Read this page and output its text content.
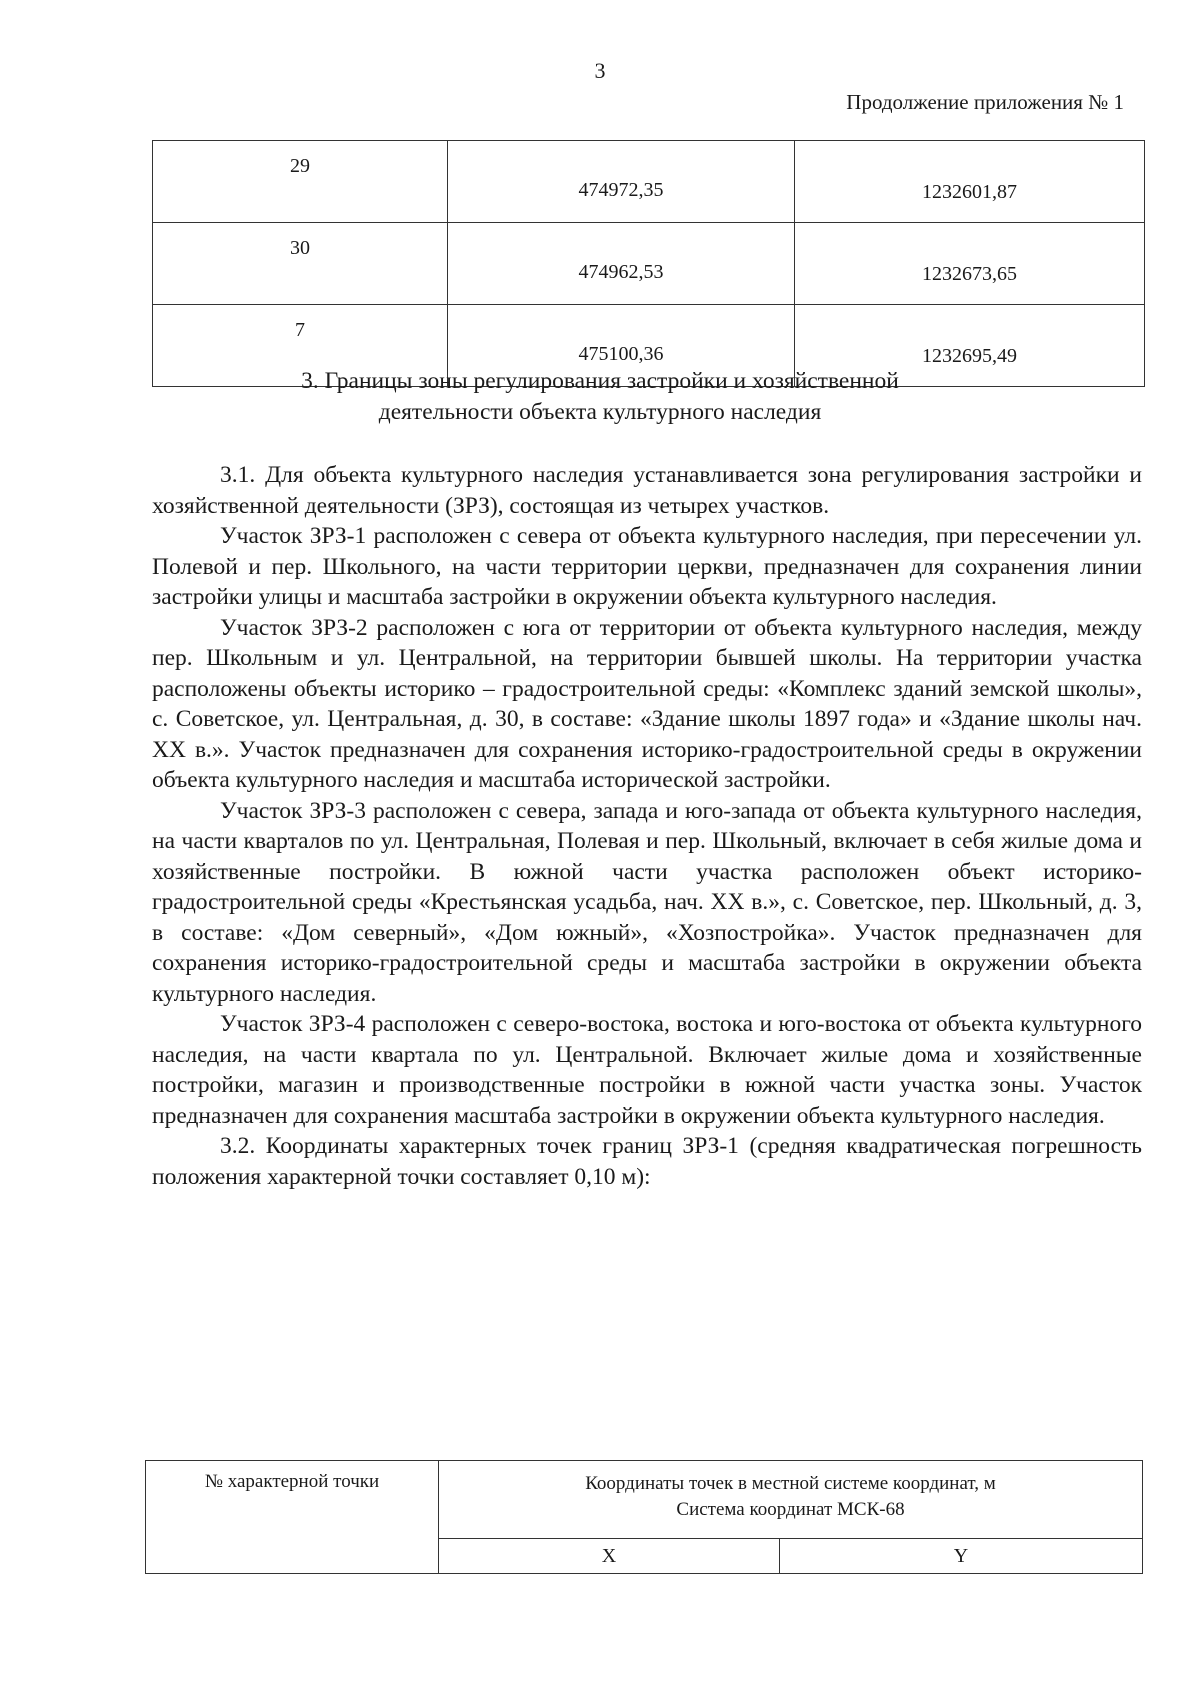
3
Продолжение приложения № 1
29	474972,35	1232601,87
30	474962,53	1232673,65
7	475100,36	1232695,49
3. Границы зоны регулирования застройки и хозяйственной
деятельности объекта культурного наследия

3.1. Для объекта культурного наследия устанавливается зона регулирования застройки и хозяйственной деятельности (ЗРЗ), состоящая из четырех участков.

Участок ЗРЗ-1 расположен с севера от объекта культурного наследия, при пересечении ул. Полевой и пер. Школьного, на части территории церкви, предназначен для сохранения линии застройки улицы и масштаба застройки в окружении объекта культурного наследия.

Участок ЗРЗ-2 расположен с юга от территории от объекта культурного наследия, между пер. Школьным и ул. Центральной, на территории бывшей школы. На территории участка расположены объекты историко – градостроительной среды: «Комплекс зданий земской школы», с. Советское, ул. Центральная, д. 30, в составе: «Здание школы 1897 года» и «Здание школы нач. XX в.». Участок предназначен для сохранения историко-градостроительной среды в окружении объекта культурного наследия и масштаба исторической застройки.

Участок ЗРЗ-3 расположен с севера, запада и юго-запада от объекта культурного наследия, на части кварталов по ул. Центральная, Полевая и пер. Школьный, включает в себя жилые дома и хозяйственные постройки. В южной части участка расположен объект историко-градостроительной среды «Крестьянская усадьба, нач. XX в.», с. Советское, пер. Школьный, д. 3, в составе: «Дом северный», «Дом южный», «Хозпостройка». Участок предназначен для сохранения историко-градостроительной среды и масштаба застройки в окружении объекта культурного наследия.

Участок ЗРЗ-4 расположен с северо-востока, востока и юго-востока от объекта культурного наследия, на части квартала по ул. Центральной. Включает жилые дома и хозяйственные постройки, магазин и производственные постройки в южной части участка зоны. Участок предназначен для сохранения масштаба застройки в окружении объекта культурного наследия.

3.2. Координаты характерных точек границ ЗРЗ-1 (средняя квадратическая погрешность положения характерной точки составляет 0,10 м):

№ характерной точки	Координаты точек в местной системе координат, м
Система координат МСК-68	

	X	Y
